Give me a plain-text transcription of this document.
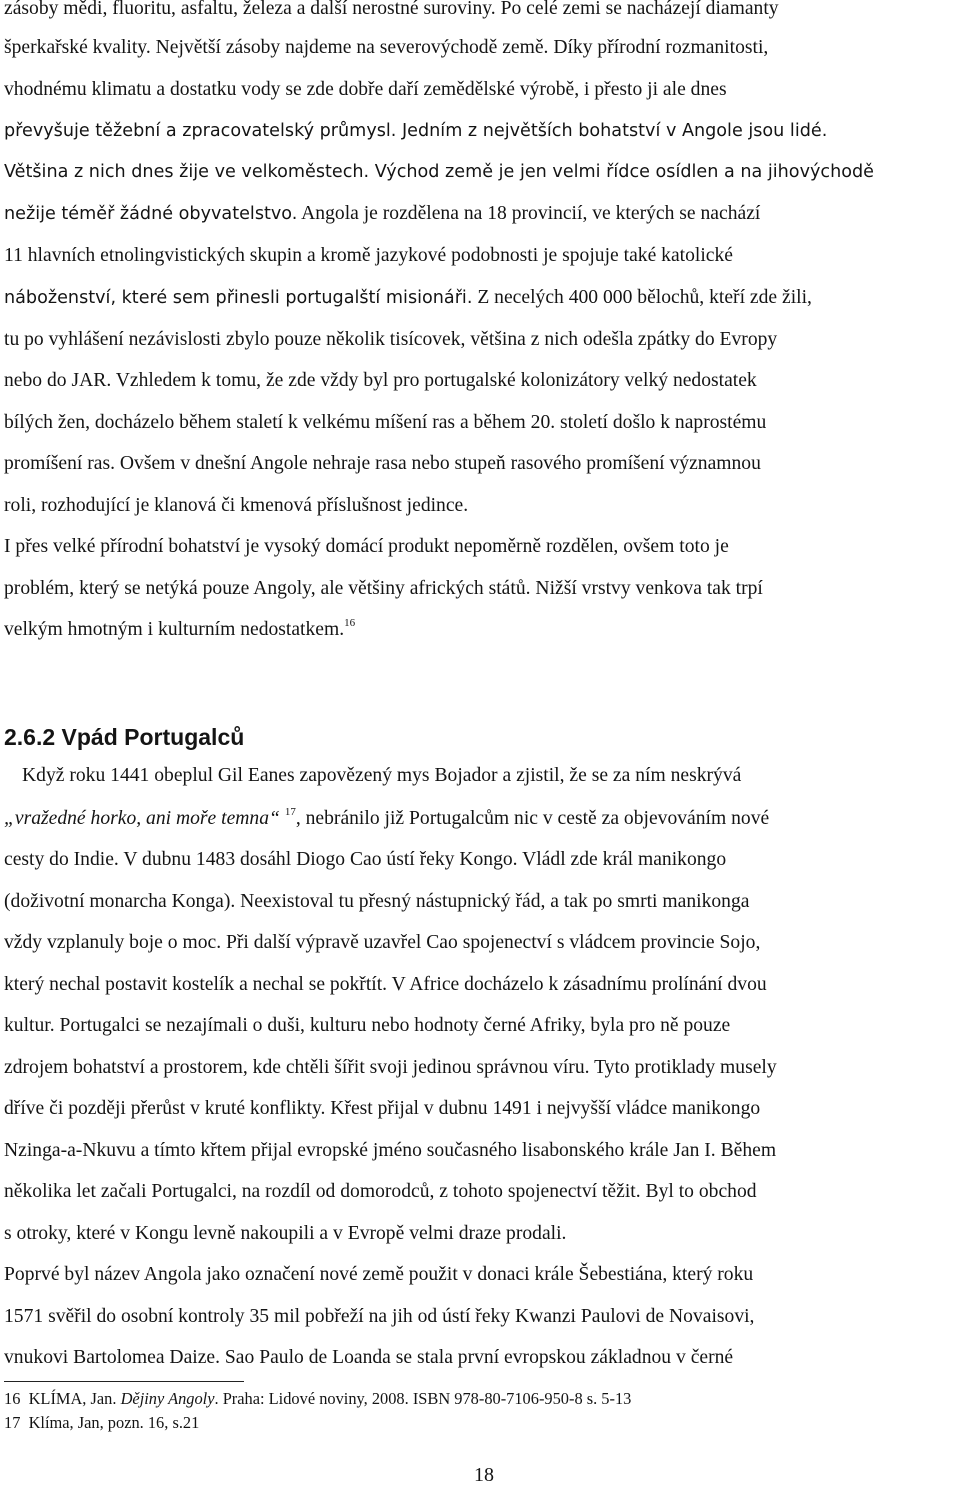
zásoby mědi, fluoritu, asfaltu, železa a další nerostné suroviny. Po celé zemi se nacházejí diamanty
šperkařské kvality. Největší zásoby najdeme na severovýchodě země. Díky přírodní rozmanitosti,
vhodnému klimatu a dostatku vody se zde dobře daří zemědělské výrobě, i přesto ji ale dnes
převyšuje těžební a zpracovatelský průmysl. Jedním z největších bohatství v Angole jsou lidé.
Většina z nich dnes žije ve velkoměstech. Východ země je jen velmi řídce osídlen a na jihovýchodě
nežije téměř žádné obyvatelstvo. Angola je rozdělena na 18 provincií, ve kterých se nachází
11 hlavních etnolingvistických skupin a kromě jazykové podobnosti je spojuje také katolické
náboženství, které sem přinesli portugalští misionáři. Z necelých 400 000 bělochů, kteří zde žili,
tu po vyhlášení nezávislosti zbylo pouze několik tisícovek, většina z nich odešla zpátky do Evropy
nebo do JAR. Vzhledem k tomu, že zde vždy byl pro portugalské kolonizátory velký nedostatek
bílých žen, docházelo během staletí k velkému míšení ras a během 20. století došlo k naprostému
promíšení ras. Ovšem v dnešní Angole nehraje rasa nebo stupeň rasového promíšení významnou
roli, rozhodující je klanová či kmenová příslušnost jedince.
I přes velké přírodní bohatství je vysoký domácí produkt nepoměrně rozdělen, ovšem toto je
problém, který se netýká pouze Angoly, ale většiny afrických států. Nižší vrstvy venkova tak trpí
velkým hmotným i kulturním nedostatkem.$^{16}$
2.6.2 Vpád Portugalců
Když roku 1441 obeplul Gil Eanes zapovězený mys Bojador a zjistil, že se za ním neskrývá
„vražedné horko, ani moře temna“ $^{17}$, nebránilo již Portugalcům nic v cestě za objevováním nové
cesty do Indie. V dubnu 1483 dosáhl Diogo Cao ústí řeky Kongo. Vládl zde král manikongo
(doživotní monarcha Konga). Neexistoval tu přesný nástupnický řád, a tak po smrti manikonga
vždy vzplanuly boje o moc. Při další výpravě uzavřel Cao spojenectví s vládcem provincie Sojo,
který nechal postavit kostelík a nechal se pokřtít. V Africe docházelo k zásadnímu prolínání dvou
kultur. Portugalci se nezajímali o duši, kulturu nebo hodnoty černé Afriky, byla pro ně pouze
zdrojem bohatství a prostorem, kde chtěli šířit svoji jedinou správnou víru. Tyto protiklady musely
dříve či později přerůst v kruté konflikty. Křest přijal v dubnu 1491 i nejvyšší vládce manikongo
Nzinga-a-Nkuvu a tímto křtem přijal evropské jméno současného lisabonského krále Jan I. Během
několika let začali Portugalci, na rozdíl od domorodců, z tohoto spojenectví těžit. Byl to obchod
s otroky, které v Kongu levně nakoupili a v Evropě velmi draze prodali.
Poprvé byl název Angola jako označení nové země použit v donaci krále Šebestiána, který roku
1571 svěřil do osobní kontroly 35 mil pobřeží na jih od ústí řeky Kwanzi Paulovi de Novaisovi,
vnukovi Bartolomea Daize. Sao Paulo de Loanda se stala první evropskou základnou v černé
16 KLÍMA, Jan. Dějiny Angoly. Praha: Lidové noviny, 2008. ISBN 978-80-7106-950-8 s. 5-13
17 Klíma, Jan, pozn. 16, s.21
18
